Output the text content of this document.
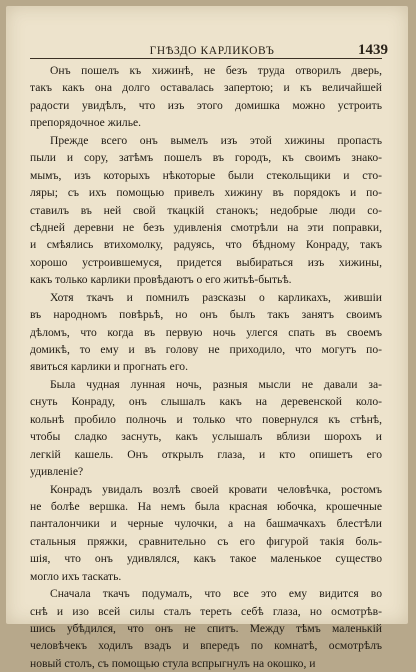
ГНѢЗДО КАРЛИКОВЪ	1439
Онъ пошелъ къ хижинѣ, не безъ труда отворилъ дверь,
такъ какъ она долго оставалась запертою; и къ величайшей
радости увидѣлъ, что изъ этого домишка можно устроить
препорядочное жилье.
Прежде всего онъ вымелъ изъ этой хижины пропасть
пыли и сору, затѣмъ пошелъ въ городъ, къ своимъ знако-
мымъ, изъ которыхъ нѣкоторые были стекольщики и сто-
ляры; съ ихъ помощью привелъ хижину въ порядокъ и по-
ставилъ въ ней свой ткацкій станокъ; недобрые люди со-
сѣдней деревни не безъ удивленія смотрѣли на эти поправки,
и смѣялись втихомолку, радуясь, что бѣдному Конраду, такъ
хорошо устроившемуся, придется выбираться изъ хижины,
какъ только карлики провѣдаютъ о его житьѣ-бытьѣ.
Хотя ткачъ и помнилъ разсказы о карликахъ, жившіи
въ народномъ повѣрьѣ, но онъ былъ такъ занятъ своимъ
дѣломъ, что когда въ первую ночь улегся спать въ своемъ
домикѣ, то ему и въ голову не приходило, что могутъ по-
явиться карлики и прогнать его.
Была чудная лунная ночь, разныя мысли не давали за-
снуть Конраду, онъ слышалъ какъ на деревенской коло-
кольнѣ пробило полночь и только что повернулся къ стѣнѣ,
чтобы сладко заснуть, какъ услышалъ вблизи шорохъ и
легкій кашель. Онъ открылъ глаза, и кто опишетъ его
удивленіе?
Конрадъ увидалъ возлѣ своей кровати человѣчка, ростомъ
не болѣе вершка. На немъ была красная юбочка, крошечные
панталончики и черные чулочки, а на башмачкахъ блестѣли
стальныя пряжки, сравнительно съ его фигурой такія боль-
шія, что онъ удивлялся, какъ такое маленькое существо
могло ихъ таскать.
Сначала ткачъ подумалъ, что все это ему видится во
снѣ и изо всей силы сталъ тереть себѣ глаза, но осмотрѣв-
шись убѣдился, что онъ не спитъ. Между тѣмъ маленькій
человѣчекъ ходилъ взадъ и впередъ по комнатѣ, осмотрѣлъ
новый столъ, съ помощью стула вспрыгнулъ на окошко, и
